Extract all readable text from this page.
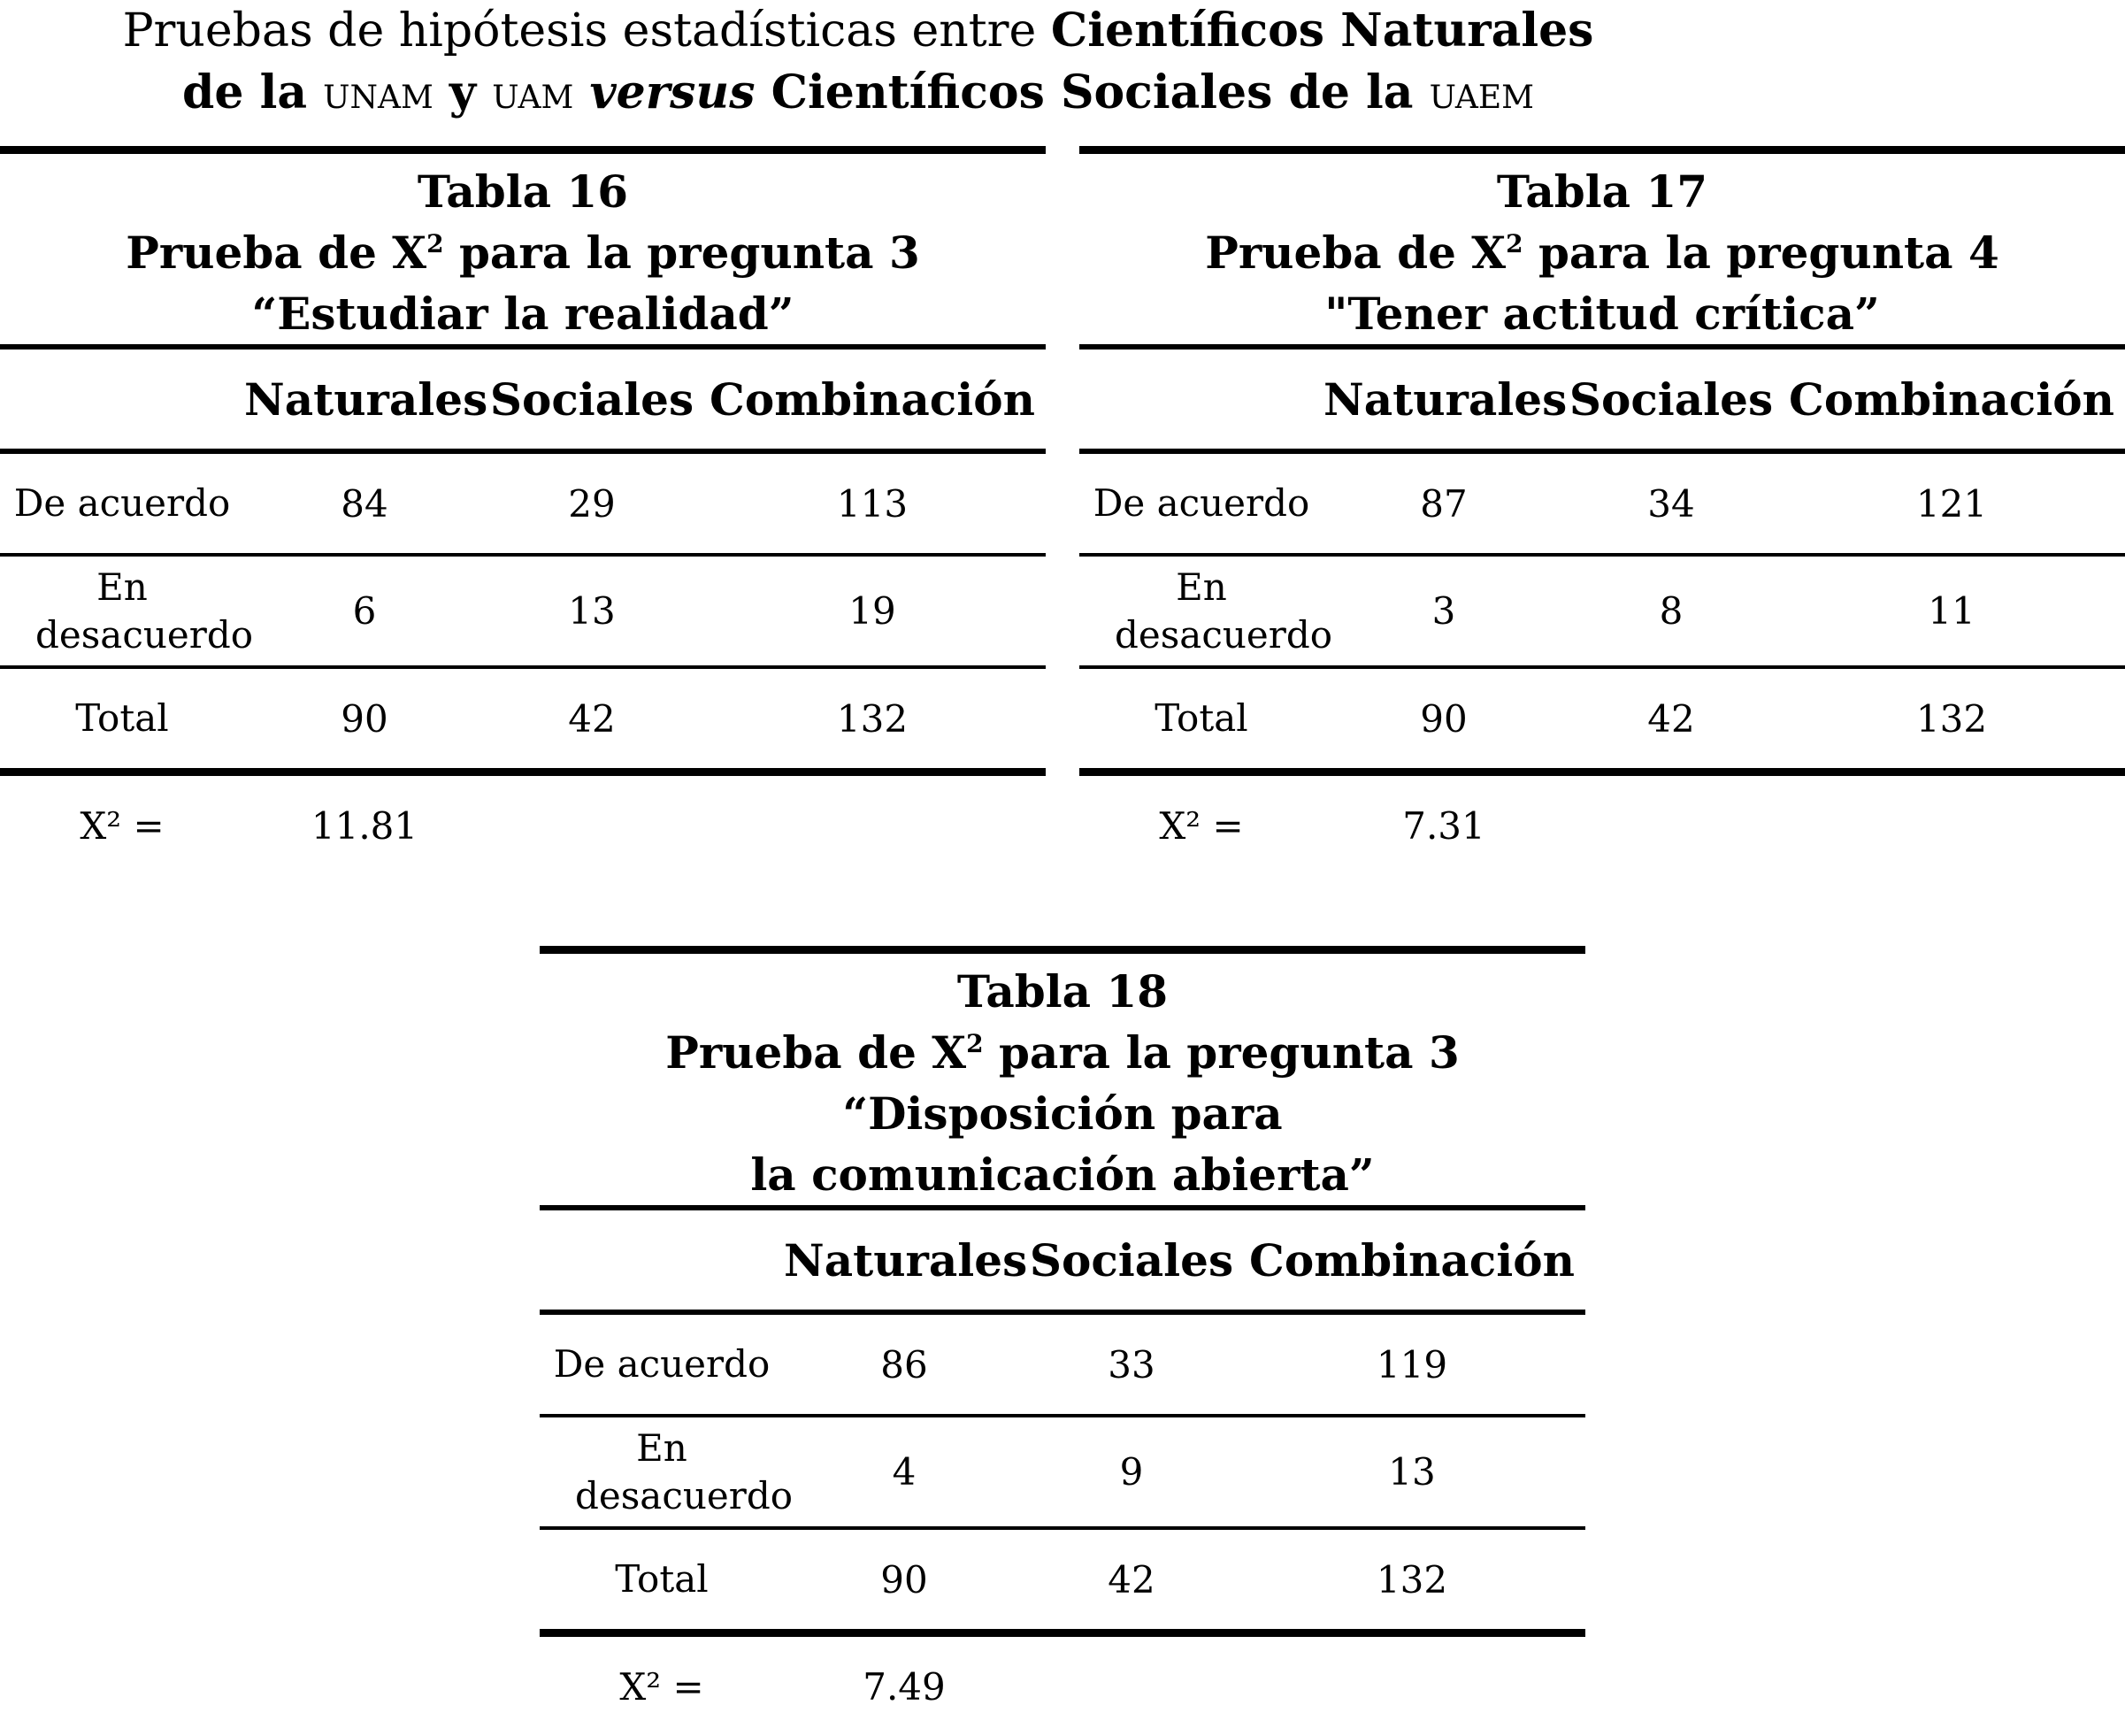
Pruebas de hipótesis estadísticas entre Científicos Naturales
de la unam y uam versus Científicos Sociales de la uaem
Tabla 16
Prueba de $X^2$ para la pregunta 3
“Estudiar la realidad”
	Naturales	Sociales	Combinación
De acuerdo	84	29	113
En desacuerdo	6	13	19
Total	90	42	132
X² =	11.81		
Tabla 17
Prueba de $X^2$ para la pregunta 4
"Tener actitud crítica”
	Naturales	Sociales	Combinación
De acuerdo	87	34	121
En desacuerdo	3	8	11
Total	90	42	132
X² =	7.31		
Tabla 18
Prueba de $X^2$ para la pregunta 3
“Disposición para
la comunicación abierta”
	Naturales	Sociales	Combinación
De acuerdo	86	33	119
En desacuerdo	4	9	13
Total	90	42	132
X² =	7.49		
